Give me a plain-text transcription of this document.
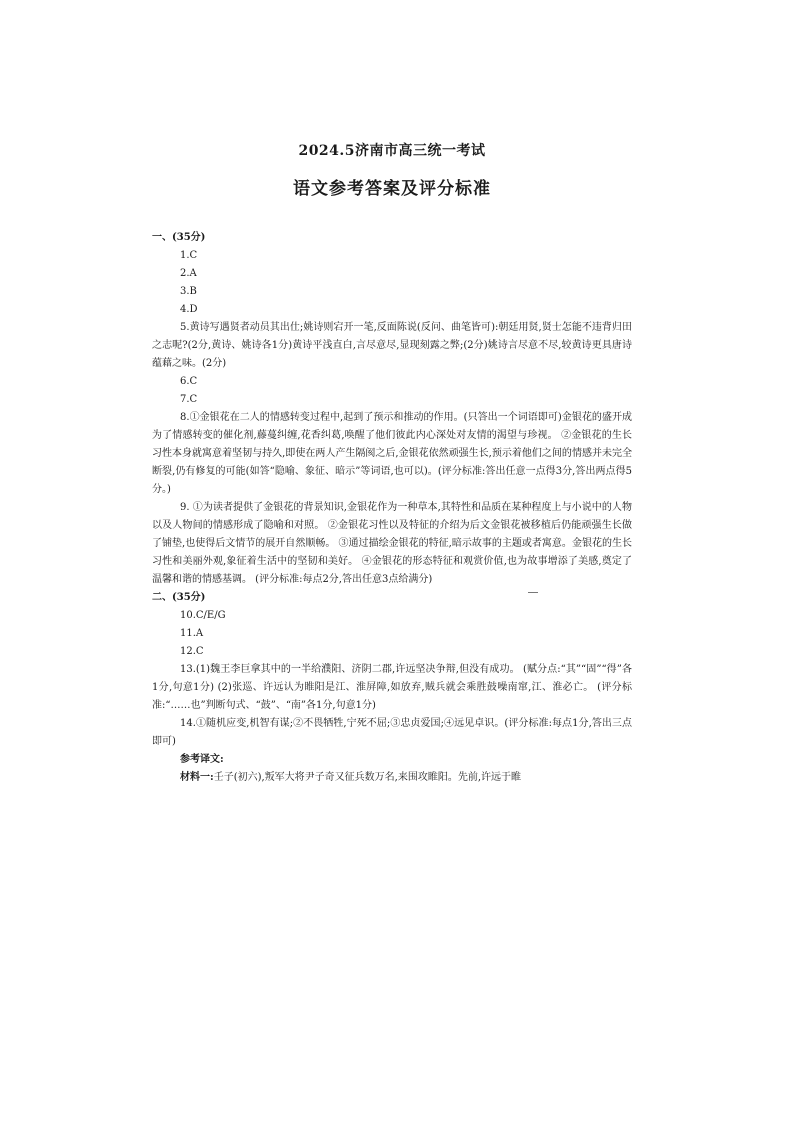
2024.5济南市高三统一考试
语文参考答案及评分标准

一、(35分)

1.C

2.A

3.B

4.D

5.黄诗写遇贤者动员其出仕;姚诗则宕开一笔,反面陈说(反问、曲笔皆可):朝廷用贤,贤士怎能不违背归田之志呢?(2分,黄诗、姚诗各1分)黄诗平浅直白,言尽意尽,显现刻露之弊;(2分)姚诗言尽意不尽,较黄诗更具唐诗蕴藉之味。(2分)

6.C

7.C

8.①金银花在二人的情感转变过程中,起到了预示和推动的作用。(只答出一个词语即可)金银花的盛开成为了情感转变的催化剂,藤蔓纠缠,花香纠葛,唤醒了他们彼此内心深处对友情的渴望与珍视。 ②金银花的生长习性本身就寓意着坚韧与持久,即使在两人产生隔阂之后,金银花依然顽强生长,预示着他们之间的情感并未完全断裂,仍有修复的可能(如答“隐喻、象征、暗示”等词语,也可以)。(评分标准:答出任意一点得3分,答出两点得5分。)

9. ①为读者提供了金银花的背景知识,金银花作为一种草本,其特性和品质在某种程度上与小说中的人物以及人物间的情感形成了隐喻和对照。 ②金银花习性以及特征的介绍为后文金银花被移植后仍能顽强生长做了铺垫,也使得后文情节的展开自然顺畅。 ③通过描绘金银花的特征,暗示故事的主题或者寓意。金银花的生长习性和美丽外观,象征着生活中的坚韧和美好。 ④金银花的形态特征和观赏价值,也为故事增添了美感,奠定了温馨和谐的情感基调。 (评分标准:每点2分,答出任意3点给满分)

二、(35分)

10.C/E/G

11.A

12.C

13.(1)魏王李巨拿其中的一半给濮阳、济阴二郡,许远坚决争辩,但没有成功。 (赋分点:“其”“固”“得”各1分,句意1分) (2)张巡、许远认为睢阳是江、淮屏障,如放弃,贼兵就会乘胜鼓噪南窜,江、淮必亡。 (评分标准:“……也”判断句式、“鼓”、“南”各1分,句意1分)

14.①随机应变,机智有谋;②不畏牺牲,宁死不屈;③忠贞爱国;④远见卓识。(评分标准:每点1分,答出三点即可)

参考译文:

材料一:壬子(初六),叛军大将尹子奇又征兵数万名,来围攻睢阳。先前,许远于睢
